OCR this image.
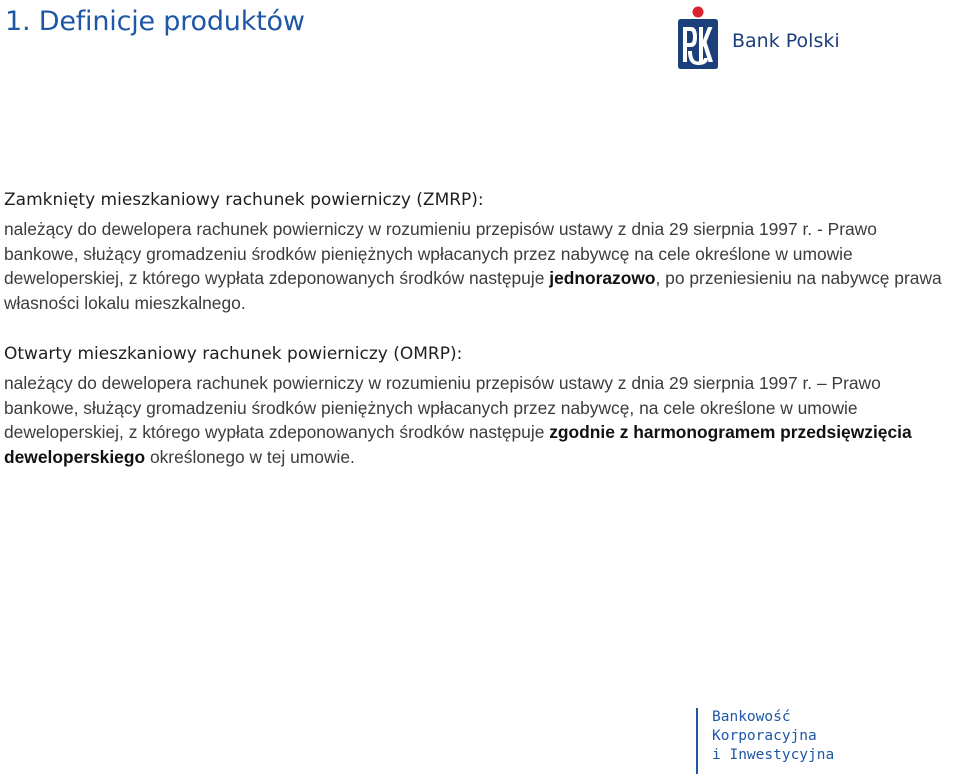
1. Definicje produktów
Bank Polski
Zamknięty mieszkaniowy rachunek powierniczy (ZMRP):

należący do dewelopera rachunek powierniczy w rozumieniu przepisów ustawy z dnia 29 sierpnia 1997 r. - Prawo bankowe, służący gromadzeniu środków pieniężnych wpłacanych przez nabywcę na cele określone w umowie deweloperskiej, z którego wypłata zdeponowanych środków następuje jednorazowo, po przeniesieniu na nabywcę prawa własności lokalu mieszkalnego.

Otwarty mieszkaniowy rachunek powierniczy (OMRP):

należący do dewelopera rachunek powierniczy w rozumieniu przepisów ustawy z dnia 29 sierpnia 1997 r. – Prawo bankowe, służący gromadzeniu środków pieniężnych wpłacanych przez nabywcę, na cele określone w umowie deweloperskiej, z którego wypłata zdeponowanych środków następuje zgodnie z harmonogramem przedsięwzięcia deweloperskiego określonego w tej umowie.

Bankowość
Korporacyjna
i Inwestycyjna
